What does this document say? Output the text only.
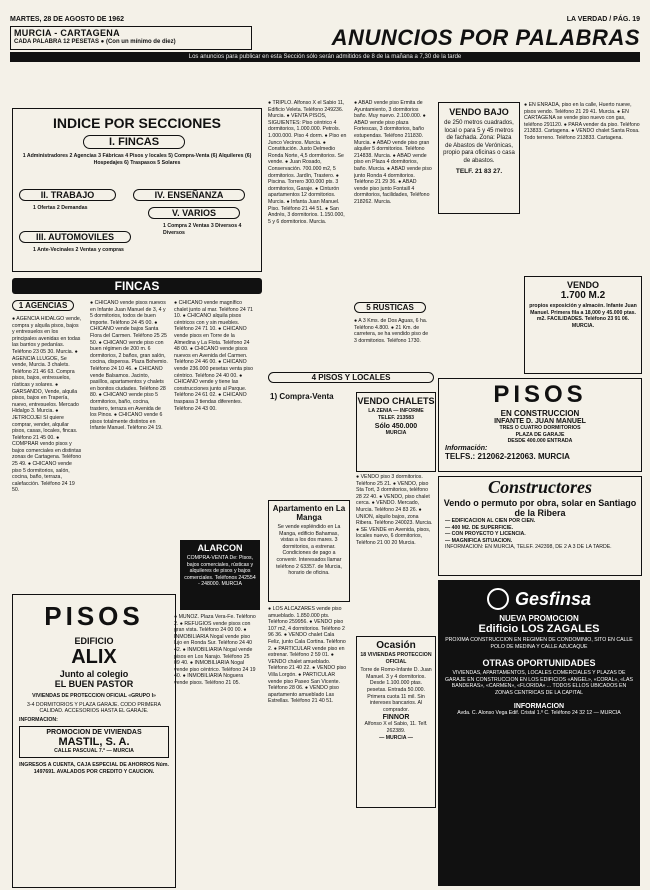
MARTES, 28 DE AGOSTO DE 1962	LA VERDAD / PÁG. 19
MURCIA - CARTAGENA
CADA PALABRA 12 PESETAS ● (Con un mínimo de diez)	ANUNCIOS POR PALABRAS
Los anuncios para publicar en esta Sección sólo serán admitidos de 8 de la mañana a 7,30 de la tarde
INDICE POR SECCIONES
I. FINCAS
1 Administradores 2 Agencias 3 Fábricas 4 Pisos y locales 5) Compra-Venta (6) Alquileres (6) Hospedajes 6) Traspasos 5 Solares
II. TRABAJO
1 Ofertas 2 Demandas
IV. ENSEÑANZA
V. VARIOS
1 Compra 2 Ventas 3 Diversos 4 Diversos
III. AUTOMOVILES
1 Ante-Vecinales 2 Ventas y compras
FINCAS
1 AGENCIAS
● AGENCIA HIDALGO vende, compra y alquila pisos, bajos y entresuelos en los principales avenidas en todas las barrios y pedanías. Teléfono 23 05 30. Murcia. ● AGENCIA LLUGOE, Se vende, Murcia. 3 chalets. Teléfono 21 46 63. Compra pisos, bajos, entresuelos, rústicas y solares. ● GARSANDO, Vende, alquila pisos, bajos en Trapería, nuevo, entresuelos. Mercado Hidalgo 3. Murcia. ● JETRICOJEI SI quiere comprar, vender, alquilar pisos, casas, locales, fincas. Teléfono 21 45 00. ● COMPRAR vendo pisos y bajos comerciales en distintas zonas de Cartagena. Teléfono 25 49. ● CHICANO vende piso 5 dormitorios, salón, cocina, baño, terraza, calefacción. Teléfono 24 19 50.
● CHICANO vende pisos nuevos en Infante Juan Manuel de 3, 4 y 5 dormitorios, todos de buen importe. Teléfono 24 45 00. ● CHICANO vende bajos Santa Flora del Carmen. Teléfono 25 25 50. ● CHICANO vende piso con buen régimen de 200 m. 6 dormitorios, 2 baños, gran salón, cocina, dispensa. Plaza Bohemio. Teléfono 24 10 46. ● CHICANO vende Balsamos. Jacinto, pasillos, apartamentos y chalets en bonitos ciudades. Teléfono 28 80. ● CHICANO vende piso 5 dormitorios, baño, cocina, trastero, terraza en Avenida de los Pinos. ● CHICANO vende 6 pisos totalmente distintos en Infante Manuel. Teléfono 24 19.
● CHICANO vende magnífico chalet junto al mar. Teléfono 24 71 10. ● CHICANO alquila pisos céntricos con y sin muebles. Teléfono 24 71 10. ● CHICANO vende pisos en Torre de la Almedina y La Flota. Teléfono 24 48 00. ● CHICANO vende pisos nuevos en Avenida del Carmen. Teléfono 24 46 00. ● CHICANO vende 236.000 pesetas venta piso céntrico. Teléfono 24 40 00. ● CHICANO vende y tiene las construcciones junto al Parque. Teléfono 24 61 02. ● CHICANO traspasa 3 tiendas diferentes. Teléfono 24 43 00.
ALARCON
COMPRA-VENTA De: Pisos, bajos comerciales, rústicas y alquileres de pisos y bajos comerciales. Teléfonos 242554 - 248000. MURCIA
● MUÑOZ. Plaza Vera-Fe. Teléfono 2. ● REFUGIOS vende pisos con gran vista. Teléfono 24 00 00. ● INMOBILIARIA Nogal vende piso lujo en Ronda Sur. Teléfono 24 40 42. ● INMOBILIARIA Nogal vende pisos en Los Narajo. Teléfono 25 09 40. ● INMOBILIARIA Nogal vende piso céntrico. Teléfono 24 19 40. ● INMOBILIARIA Noguera vende pisos. Teléfono 21 05.
● TRIPLO. Alfonso X el Sabio 11, Edificio Veleta. Teléfono 249236. Murcia. ● VENTA PISOS, SIGUIENTES: Piso céntrico 4 dormitorios, 1.000.000. Petrols. 1.000.000. Piso 4 dorm. ● Piso en Junco Vecinos. Murcia. ● Constitución. Justo Delmedio Ronda Norte, 4,5 dormitorios. Se vende. ● Juan Rosado, Conservación. 700.000 m2, 5 dormitorios. Jardín, Trastero. ● Piscina. Torrero 300.000 pts. 3 dormitorios, Garaje. ● Cinturón apartamentos 12 dormitorios. Murcia. ● Infanta Juan Manuel. Piso. Teléfono 21 44 51. ● San Andrés, 3 dormitorios. 1.150.000, 5 y 6 dormitorios. Murcia.
● ABAD vende piso Ermita de Ayuntamiento, 3 dormitorios baño. Muy nuevo. 2.100.000. ● ABAD vende piso plaza Fortescas, 3 dormitorios, baño estupendas. Teléfono 211830. Murcia. ● ABAD vende piso gran alquiler 5 dormitorios. Teléfono 214838. Murcia. ● ABAD vende piso en Plaza 4 dormitorios, baño. Murcia. ● ABAD vende piso junto Ronda 4 dormitorios. Teléfono 21 29 36. ● ABAD vende piso junto Fontaill 4 dormitorios, facilidades, Teléfono 218262. Murcia.
VENDO BAJO
de 250 metros cuadrados, local o para 5 y 45 metros de fachada. Zona: Plaza de Abastos de Verónicas, propio para oficinas o casa de abastos.
TELF. 21 83 27.
● EN ENRADA, piso en la calle, Huerto nueve, pisos vendo. Teléfono 21 29 41. Murcia. ● EN CARTAGENA se vende piso nuevo con gas, teléfono 291120. ● PARA vender da piso. Teléfono 213833. Cartagena. ● VENDO chalet Santa Rosa. Todo terreno. Teléfono 213833. Cartagena.
5 RUSTICAS
● A 3 Kms. de Dos Aguas, 6 ha. Teléfono 4.800. ● 21 Km. de carretera, se ha vendido piso de 3 dormitorios. Teléfono 1730.
4 PISOS Y LOCALES
1) Compra-Venta	VENDO CHALETS
LA ZENIA — INFORME TELEF. 213583
Sólo 450.000
MURCIA
Apartamento en La Manga
Se vende espléndido en La Manga, edificio Bahamas, vistas a los dos mares. 3 dormitorios, a estrenar. Condiciones de pago a convenir. Interesados llamar teléfono 2 63357. de Murcia, horario de oficina.
● LOS ALCAZARES vende piso amueblado. 1.850.000 pts. Teléfono 259956. ● VENDO piso 107 m2, 4 dormitorios. Teléfono 2 96 36. ● VENDO chalet Cala Feliz, junto Cala Cortina. Teléfono 2. ● PARTICULAR vende piso en estrenar. Teléfono 2 59 01. ● VENDO chalet amueblado. Teléfono 21 40 22. ● VENDO piso Villa Lorgón. ● PARTICULAR vende piso Paseo San Vicente. Teléfono 28 06. ● VENDO piso apartamento amueblado Las Estrellas. Teléfono 21 40 51.
Ocasión
18 VIVIENDAS PROTECCION OFICIAL
Torre de Romo-Infante D. Juan Manuel. 3 y 4 dormitorios. Desde 1.100.000 ptas. pesetas. Entrada 50.000. Primera cuota 11 mil. Sin intereses bancarios. Al comprador.
FINNOR
Alfonso X el Sabio, 11. Telf. 262389.
— MURCIA —
● VENDO piso 3 dormitorios. Teléfono 25 21. ● VENDO, piso Sta Tort, 3 dormitorios, teléfono 28 22 40. ● VENDO, piso chalet cerca. ● VENDO. Mercado, Murcia. Teléfono 24 83 26. ● UNION, alquilo bajos, zona Ribera. Teléfono 240023. Murcia. ● SE VENDE en Avenida, pisos, locales nuevo, 6 dormitorios, Teléfono 21 00 20 Murcia.
VENDO
1.700 M.2
propios exposición y almacén. Infante Juan Manuel. Primera fila a 18,000 y 45.000 ptas. m2. FACILIDADES. Teléfono 23 91 06. MURCIA.
PISOS
EN CONSTRUCCION
INFANTE D. JUAN MANUEL
TRES O CUATRO DORMITORIOS
PLAZA DE GARAJE
DESDE 400.000 ENTRADA
Información:
TELFS.: 212062-212063. MURCIA
Constructores
Vendo o permuto por obra, solar en Santiago de la Ribera
— EDIFICACION AL CIEN POR CIEN.
— 400 M2. DE SUPERFICIE.
— CON PROYECTO Y LICENCIA.
— MAGNIFICA SITUACION.
INFORMACION: EN MURCIA, TELEF. 242398, DE 2 A 3 DE LA TARDE.
Gesfinsa
NUEVA PROMOCION
Edificio LOS ZAGALES
PROXIMA CONSTRUCCION EN REGIMEN DE CONDOMINIO, SITO EN CALLE POLO DE MEDINA Y CALLE AZUCAQUE
OTRAS OPORTUNIDADES
VIVIENDAS, APARTAMENTOS, LOCALES COMERCIALES Y PLAZAS DE GARAJE EN CONSTRUCCION EN LOS EDIFICIOS «ANGEL», «CORAL», «LAS BANDERAS», «CARMEN», «FLORIDA» ... TODOS ELLOS UBICADOS EN ZONAS CENTRICAS DE LA CAPITAL
INFORMACION
Avda. C. Alonso Vega Edif. Cristal 1.º C. Teléfono 24 32 12 — MURCIA
PISOS
EDIFICIO
ALIX
Junto al colegio
EL BUEN PASTOR
VIVIENDAS DE PROTECCION OFICIAL «GRUPO I»
3-4 DORMITORIOS Y PLAZA GARAJE. CODO PRIMERA CALIDAD. ACCESORIOS HASTA EL GARAJE.
INFORMACION:
PROMOCION DE VIVIENDAS
MASTIL, S. A.
CALLE PASCUAL 7.ª — MURCIA
INGRESOS A CUENTA, CAJA ESPECIAL DE AHORROS Núm. 1497691. AVALADOS POR CREDITO Y CAUCION.
